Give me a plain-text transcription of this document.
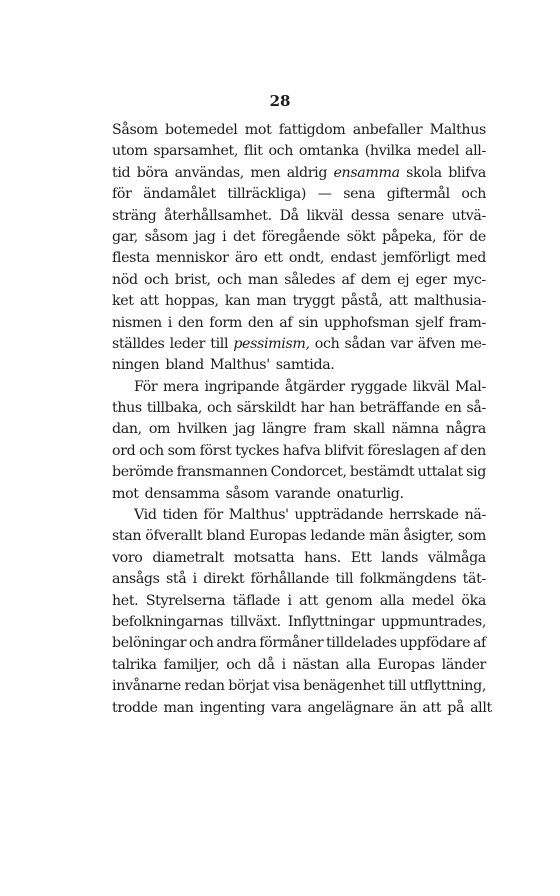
28
Såsom botemedel mot fattigdom anbefaller Malthus
utom sparsamhet, flit och omtanka (hvilka medel all-
tid böra användas, men aldrig ensamma skola blifva
för ändamålet tillräckliga) — sena giftermål och
sträng återhållsamhet. Då likväl dessa senare utvä-
gar, såsom jag i det föregående sökt påpeka, för de
flesta menniskor äro ett ondt, endast jemförligt med
nöd och brist, och man således af dem ej eger myc-
ket att hoppas, kan man tryggt påstå, att malthusia-
nismen i den form den af sin upphofsman sjelf fram-
ställdes leder till pessimism, och sådan var äfven me-
ningen bland Malthus' samtida.
För mera ingripande åtgärder ryggade likväl Mal-
thus tillbaka, och särskildt har han beträffande en så-
dan, om hvilken jag längre fram skall nämna några
ord och som först tyckes hafva blifvit föreslagen af den
berömde fransmannen Condorcet, bestämdt uttalat sig
mot densamma såsom varande onaturlig.
Vid tiden för Malthus' uppträdande herrskade nä-
stan öfverallt bland Europas ledande män åsigter, som
voro diametralt motsatta hans. Ett lands välmåga
ansågs stå i direkt förhållande till folkmängdens tät-
het. Styrelserna täflade i att genom alla medel öka
befolkningarnas tillväxt. Inflyttningar uppmuntrades,
belöningar och andra förmåner tilldelades uppfödare af
talrika familjer, och då i nästan alla Europas länder
invånarne redan börjat visa benägenhet till utflyttning,
trodde man ingenting vara angelägnare än att på allt
